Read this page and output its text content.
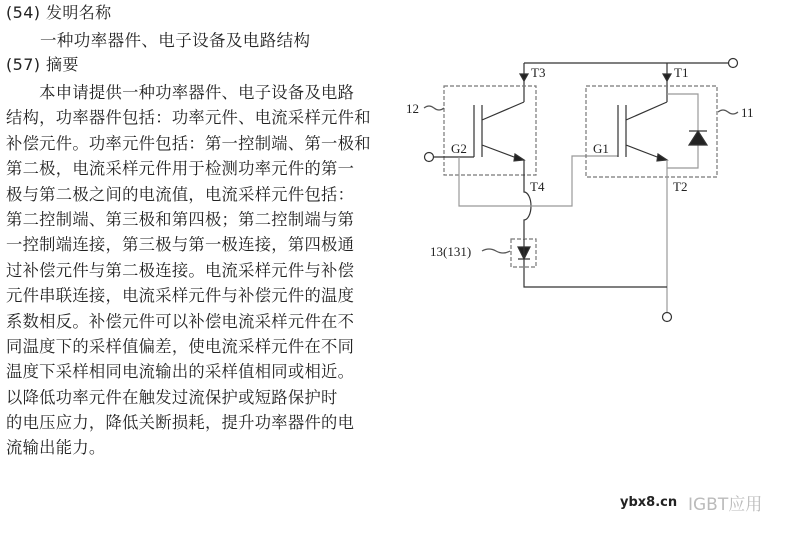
(54) 发明名称
一种功率器件、电子设备及电路结构
(57) 摘要
　　本申请提供一种功率器件、电子设备及电路
结构，功率器件包括：功率元件、电流采样元件和
补偿元件。功率元件包括：第一控制端、第一极和
第二极，电流采样元件用于检测功率元件的第一
极与第二极之间的电流值，电流采样元件包括：
第二控制端、第三极和第四极；第二控制端与第
一控制端连接，第三极与第一极连接，第四极通
过补偿元件与第二极连接。电流采样元件与补偿
元件串联连接，电流采样元件与补偿元件的温度
系数相反。补偿元件可以补偿电流采样元件在不
同温度下的采样值偏差，使电流采样元件在不同
温度下采样相同电流输出的采样值相同或相近。
以降低功率元件在触发过流保护或短路保护时
的电压应力，降低关断损耗，提升功率器件的电
流输出能力。
T3	T1
G2	G1
T4	T2
12	11
13(131)
ybx8.cn IGBT应用
